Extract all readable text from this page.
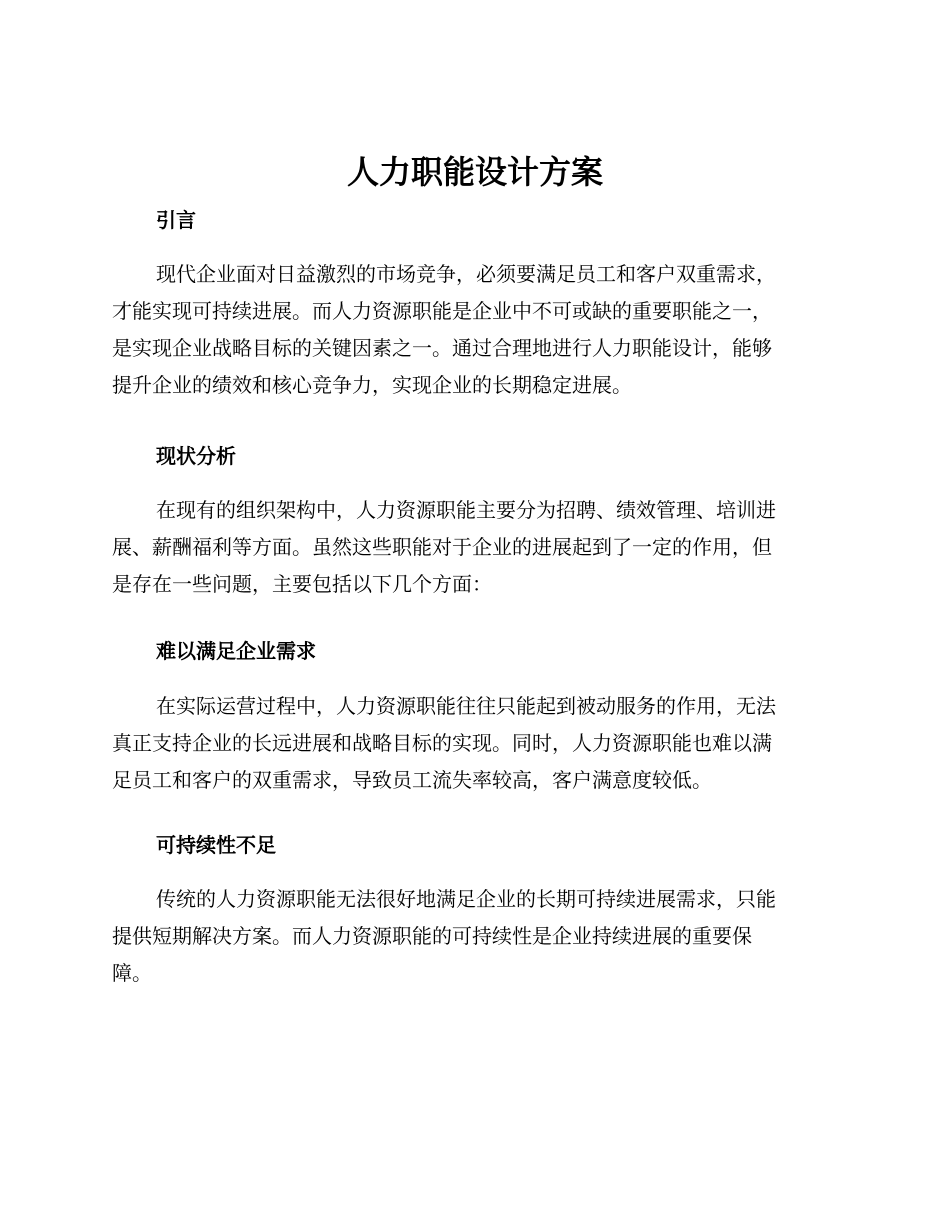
人力职能设计方案
引言
现代企业面对日益激烈的市场竞争，必须要满足员工和客户双重需求，
才能实现可持续进展。而人力资源职能是企业中不可或缺的重要职能之一，
是实现企业战略目标的关键因素之一。通过合理地进行人力职能设计，能够
提升企业的绩效和核心竞争力，实现企业的长期稳定进展。
现状分析
在现有的组织架构中，人力资源职能主要分为招聘、绩效管理、培训进
展、薪酬福利等方面。虽然这些职能对于企业的进展起到了一定的作用，但
是存在一些问题，主要包括以下几个方面：
难以满足企业需求
在实际运营过程中，人力资源职能往往只能起到被动服务的作用，无法
真正支持企业的长远进展和战略目标的实现。同时，人力资源职能也难以满
足员工和客户的双重需求，导致员工流失率较高，客户满意度较低。
可持续性不足
传统的人力资源职能无法很好地满足企业的长期可持续进展需求，只能
提供短期解决方案。而人力资源职能的可持续性是企业持续进展的重要保
障。
